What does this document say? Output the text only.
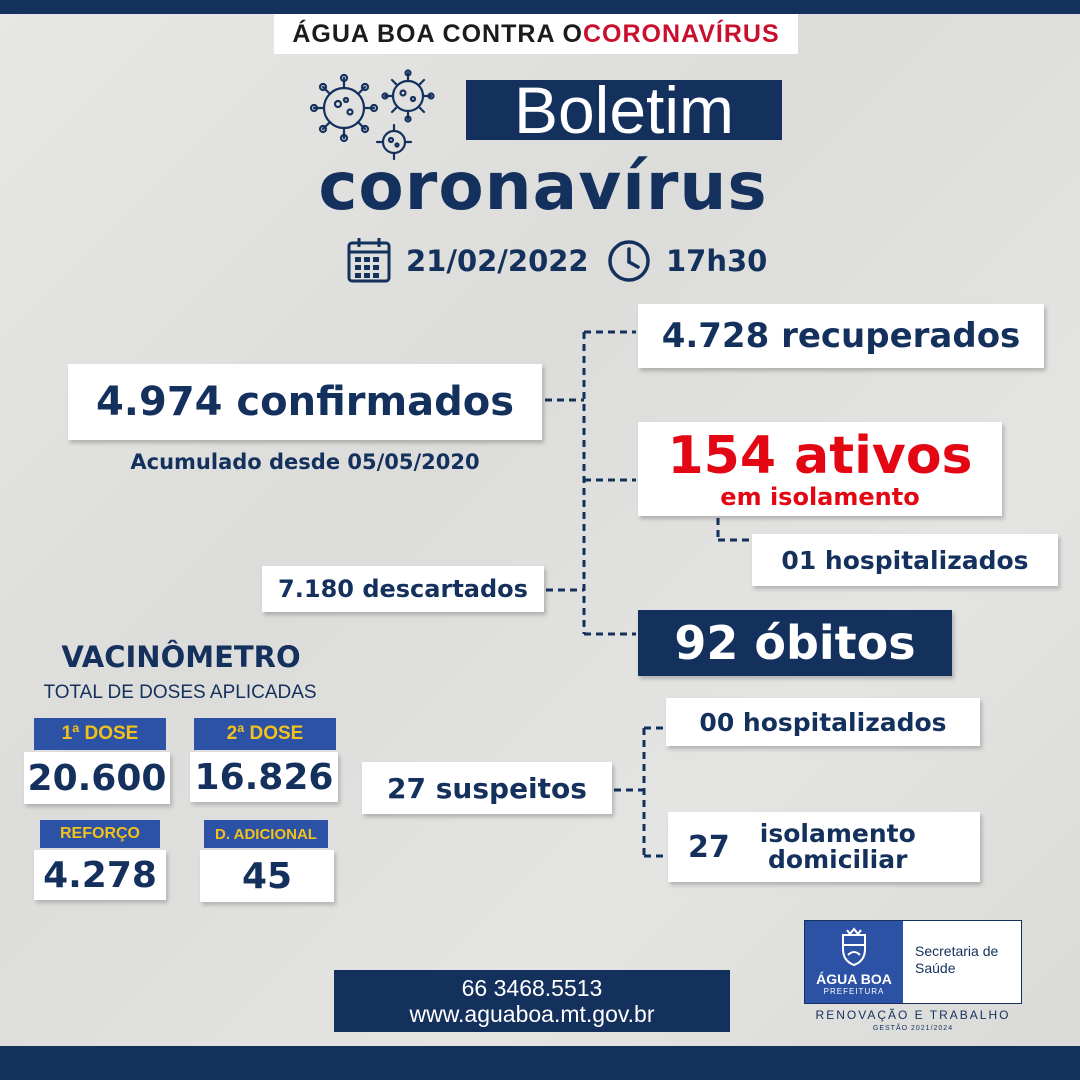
ÁGUA BOA CONTRA O CORONAVÍRUS
Boletim
coronavírus
21/02/2022	17h30
4.974 confirmados
Acumulado desde 05/05/2020
4.728 recuperados
154 ativos
em isolamento
01 hospitalizados
7.180 descartados
92 óbitos
00 hospitalizados
27 suspeitos
27 isolamento
domiciliar
VACINÔMETRO
TOTAL DE DOSES APLICADAS
1ª DOSE
20.600
2ª DOSE
16.826
REFORÇO
4.278
D. ADICIONAL
45
66 3468.5513
www.aguaboa.mt.gov.br
ÁGUA BOA
PREFEITURA
Secretaria de
Saúde
RENOVAÇÃO E TRABALHO
GESTÃO 2021/2024
